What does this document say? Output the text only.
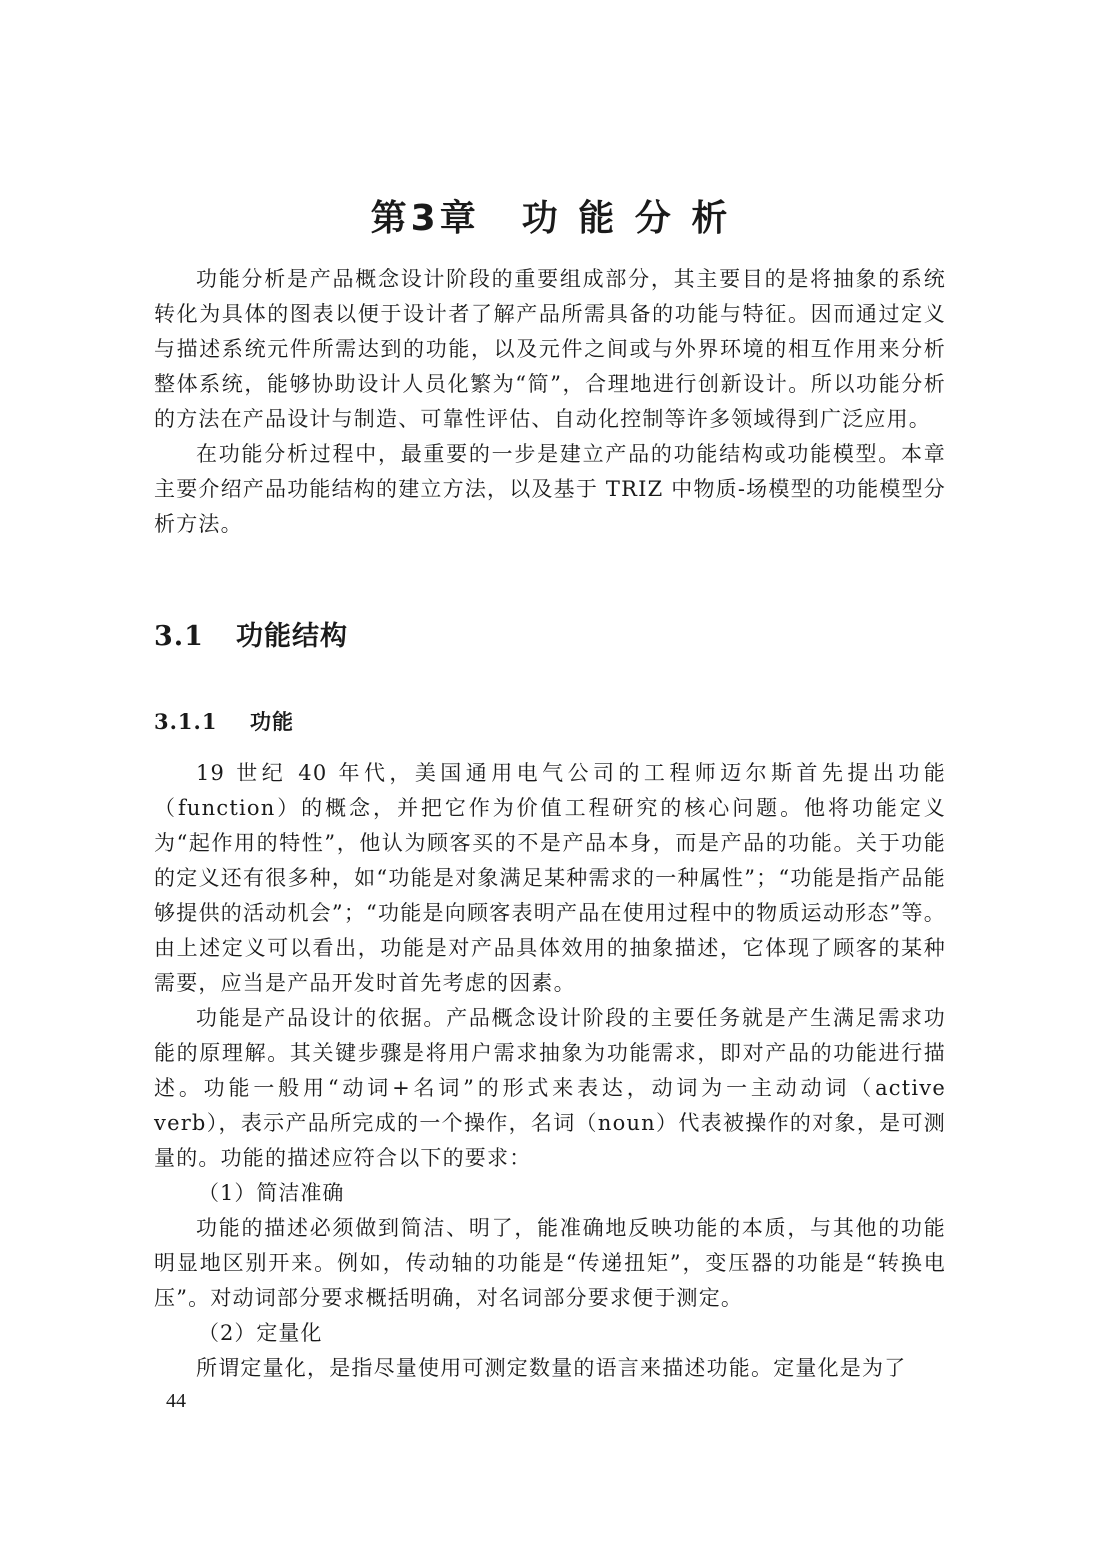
第3章 功 能 分 析

功能分析是产品概念设计阶段的重要组成部分，其主要目的是将抽象的系统转化为具体的图表以便于设计者了解产品所需具备的功能与特征。因而通过定义与描述系统元件所需达到的功能，以及元件之间或与外界环境的相互作用来分析整体系统，能够协助设计人员化繁为“简”，合理地进行创新设计。所以功能分析的方法在产品设计与制造、可靠性评估、自动化控制等许多领域得到广泛应用。

在功能分析过程中，最重要的一步是建立产品的功能结构或功能模型。本章主要介绍产品功能结构的建立方法，以及基于 TRIZ 中物质-场模型的功能模型分析方法。

3.1 功能结构
3.1.1 功能

19 世纪 40 年代，美国通用电气公司的工程师迈尔斯首先提出功能（function）的概念，并把它作为价值工程研究的核心问题。他将功能定义为“起作用的特性”，他认为顾客买的不是产品本身，而是产品的功能。关于功能的定义还有很多种，如“功能是对象满足某种需求的一种属性”；“功能是指产品能够提供的活动机会”；“功能是向顾客表明产品在使用过程中的物质运动形态”等。由上述定义可以看出，功能是对产品具体效用的抽象描述，它体现了顾客的某种需要，应当是产品开发时首先考虑的因素。

功能是产品设计的依据。产品概念设计阶段的主要任务就是产生满足需求功能的原理解。其关键步骤是将用户需求抽象为功能需求，即对产品的功能进行描述。功能一般用“动词+名词”的形式来表达，动词为一主动动词（active verb），表示产品所完成的一个操作，名词（noun）代表被操作的对象，是可测量的。功能的描述应符合以下的要求：

（1）简洁准确

功能的描述必须做到简洁、明了，能准确地反映功能的本质，与其他的功能明显地区别开来。例如，传动轴的功能是“传递扭矩”，变压器的功能是“转换电压”。对动词部分要求概括明确，对名词部分要求便于测定。

（2）定量化

所谓定量化，是指尽量使用可测定数量的语言来描述功能。定量化是为了

44
